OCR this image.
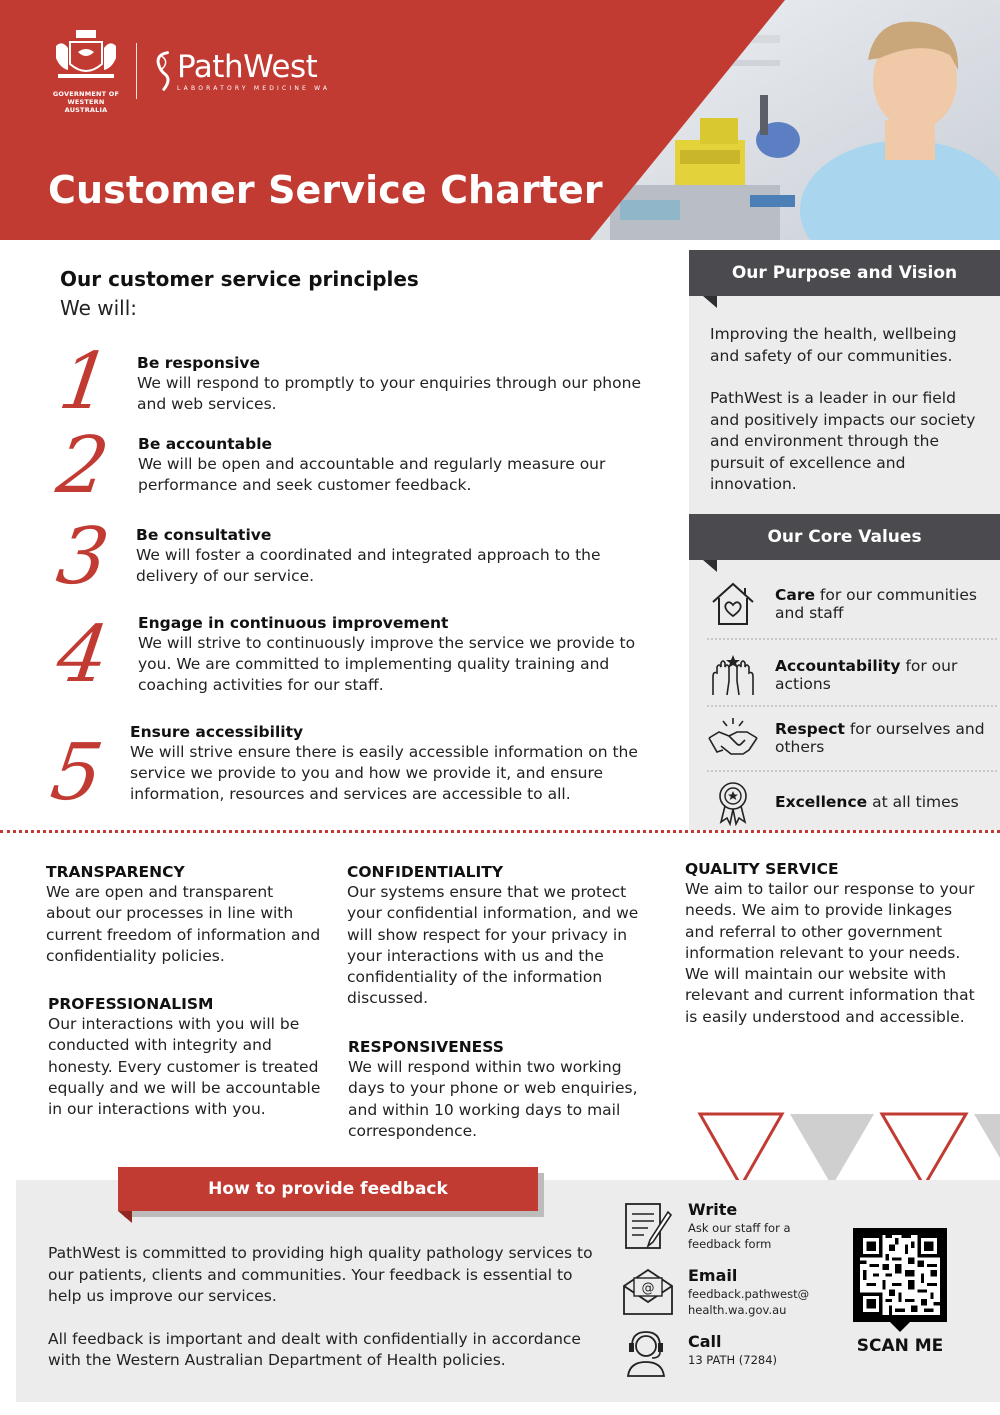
GOVERNMENT OF
WESTERN AUSTRALIA
PathWest
LABORATORY MEDICINE WA
Customer Service Charter
Our customer service principles
We will:
1 Be responsive
We will respond to promptly to your enquiries through our phone and web services.
2 Be accountable
We will be open and accountable and regularly measure our performance and seek customer feedback.
3 Be consultative
We will foster a coordinated and integrated approach to the delivery of our service.
4 Engage in continuous improvement
We will strive to continuously improve the service we provide to you. We are committed to implementing quality training and coaching activities for our staff.
5 Ensure accessibility
We will strive ensure there is easily accessible information on the service we provide to you and how we provide it, and ensure information, resources and services are accessible to all.
Our Purpose and Vision
Improving the health, wellbeing and safety of our communities.
PathWest is a leader in our field and positively impacts our society and environment through the pursuit of excellence and innovation.
Our Core Values
Care for our communities and staff
Accountability for our actions
Respect for ourselves and others
Excellence at all times
TRANSPARENCY
We are open and transparent about our processes in line with current freedom of information and confidentiality policies.
PROFESSIONALISM
Our interactions with you will be conducted with integrity and honesty. Every customer is treated equally and we will be accountable in our interactions with you.
CONFIDENTIALITY
Our systems ensure that we protect your confidential information, and we will show respect for your privacy in your interactions with us and the confidentiality of the information discussed.
RESPONSIVENESS
We will respond within two working days to your phone or web enquiries, and within 10 working days to mail correspondence.
QUALITY SERVICE
We aim to tailor our response to your needs. We aim to provide linkages and referral to other government information relevant to your needs. We will maintain our website with relevant and current information that is easily understood and accessible.
How to provide feedback
PathWest is committed to providing high quality pathology services to our patients, clients and communities. Your feedback is essential to help us improve our services.
All feedback is important and dealt with confidentially in accordance with the Western Australian Department of Health policies.
Write
Ask our staff for a
feedback form
@
Email
feedback.pathwest@
health.wa.gov.au
Call
13 PATH (7284)
SCAN ME
